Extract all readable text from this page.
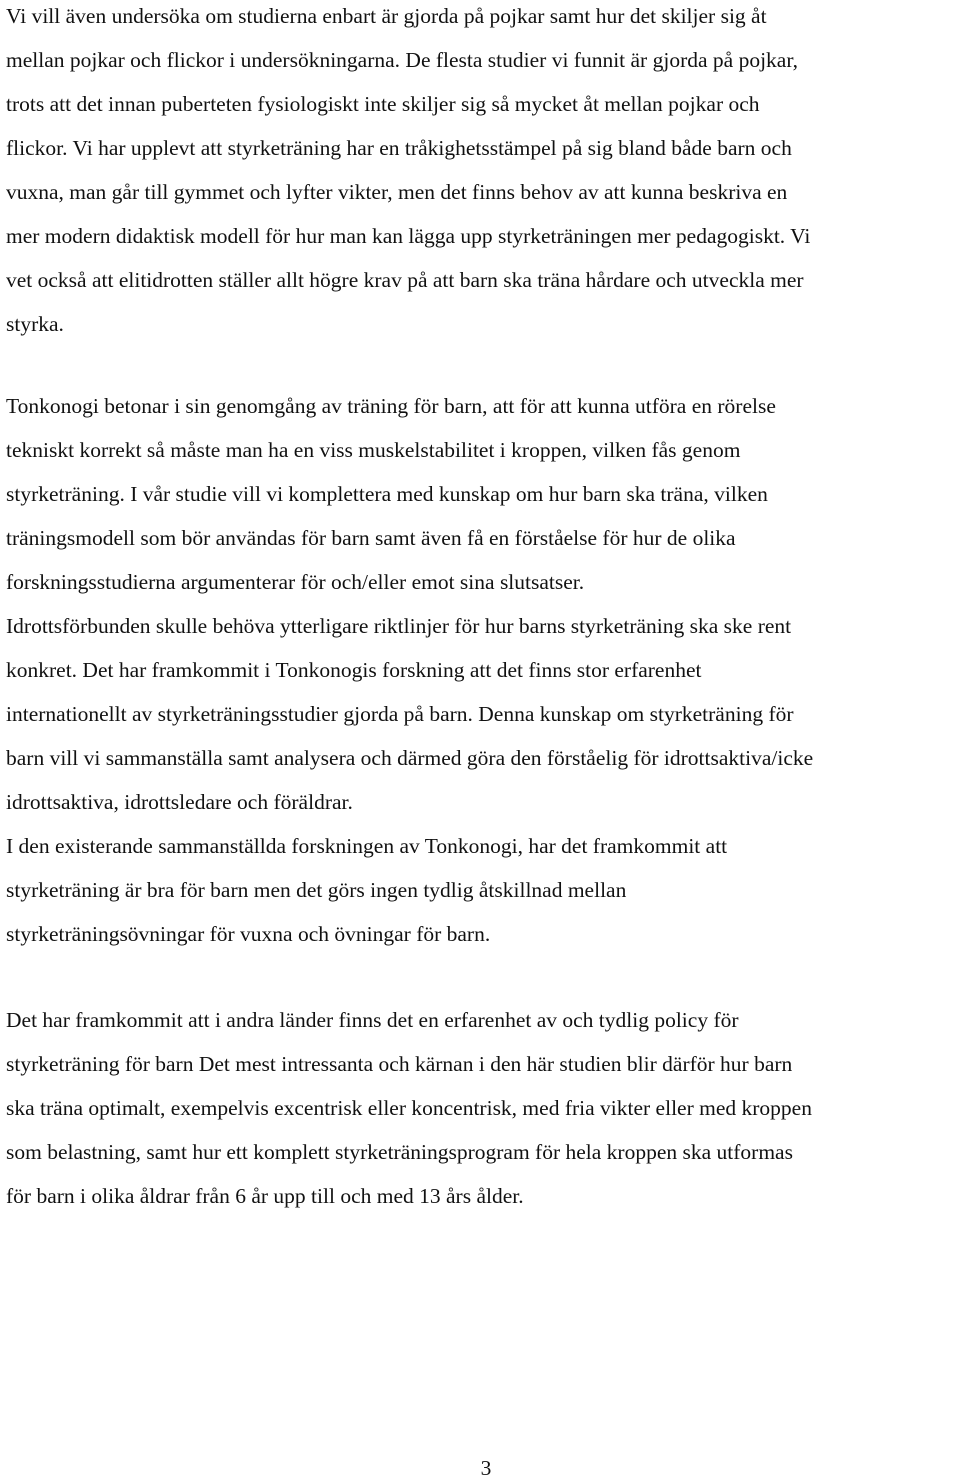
Vi vill även undersöka om studierna enbart är gjorda på pojkar samt hur det skiljer sig åt
mellan pojkar och flickor i undersökningarna. De flesta studier vi funnit är gjorda på pojkar,
trots att det innan puberteten fysiologiskt inte skiljer sig så mycket åt mellan pojkar och
flickor. Vi har upplevt att styrketräning har en tråkighetsstämpel på sig bland både barn och
vuxna, man går till gymmet och lyfter vikter, men det finns behov av att kunna beskriva en
mer modern didaktisk modell för hur man kan lägga upp styrketräningen mer pedagogiskt. Vi
vet också att elitidrotten ställer allt högre krav på att barn ska träna hårdare och utveckla mer
styrka.

Tonkonogi betonar i sin genomgång av träning för barn, att för att kunna utföra en rörelse
tekniskt korrekt så måste man ha en viss muskelstabilitet i kroppen, vilken fås genom
styrketräning. I vår studie vill vi komplettera med kunskap om hur barn ska träna, vilken
träningsmodell som bör användas för barn samt även få en förståelse för hur de olika
forskningsstudierna argumenterar för och/eller emot sina slutsatser.
Idrottsförbunden skulle behöva ytterligare riktlinjer för hur barns styrketräning ska ske rent
konkret. Det har framkommit i Tonkonogis forskning att det finns stor erfarenhet
internationellt av styrketräningsstudier gjorda på barn. Denna kunskap om styrketräning för
barn vill vi sammanställa samt analysera och därmed göra den förståelig för idrottsaktiva/icke
idrottsaktiva, idrottsledare och föräldrar.
I den existerande sammanställda forskningen av Tonkonogi, har det framkommit att
styrketräning är bra för barn men det görs ingen tydlig åtskillnad mellan
styrketräningsövningar för vuxna och övningar för barn.

Det har framkommit att i andra länder finns det en erfarenhet av och tydlig policy för
styrketräning för barn Det mest intressanta och kärnan i den här studien blir därför hur barn
ska träna optimalt, exempelvis excentrisk eller koncentrisk, med fria vikter eller med kroppen
som belastning, samt hur ett komplett styrketräningsprogram för hela kroppen ska utformas
för barn i olika åldrar från 6 år upp till och med 13 års ålder.

3
